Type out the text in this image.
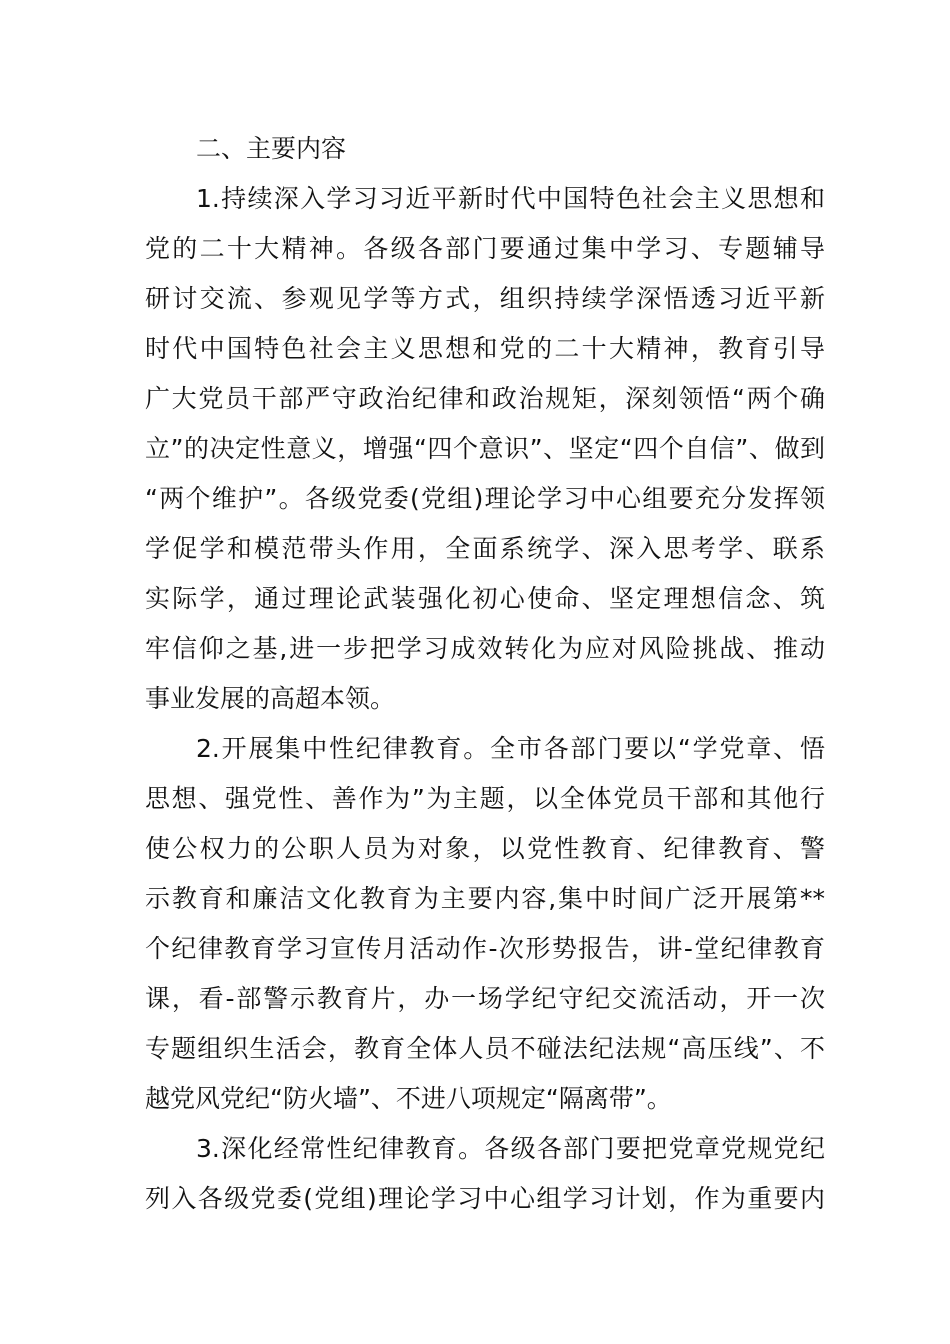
二、主要内容
1.持续深入学习习近平新时代中国特色社会主义思想和
党的二十大精神。各级各部门要通过集中学习、专题辅导
研讨交流、参观见学等方式，组织持续学深悟透习近平新
时代中国特色社会主义思想和党的二十大精神，教育引导
广大党员干部严守政治纪律和政治规矩，深刻领悟“两个确
立”的决定性意义，增强“四个意识”、坚定“四个自信”、做到
“两个维护”。各级党委(党组)理论学习中心组要充分发挥领
学促学和模范带头作用，全面系统学、深入思考学、联系
实际学，通过理论武装强化初心使命、坚定理想信念、筑
牢信仰之基,进一步把学习成效转化为应对风险挑战、推动
事业发展的高超本领。
2.开展集中性纪律教育。全市各部门要以“学党章、悟
思想、强党性、善作为”为主题，以全体党员干部和其他行
使公权力的公职人员为对象，以党性教育、纪律教育、警
示教育和廉洁文化教育为主要内容,集中时间广泛开展第**
个纪律教育学习宣传月活动作-次形势报告，讲-堂纪律教育
课，看-部警示教育片，办一场学纪守纪交流活动，开一次
专题组织生活会，教育全体人员不碰法纪法规“高压线”、不
越党风党纪“防火墙”、不进八项规定“隔离带”。
3.深化经常性纪律教育。各级各部门要把党章党规党纪
列入各级党委(党组)理论学习中心组学习计划，作为重要内
